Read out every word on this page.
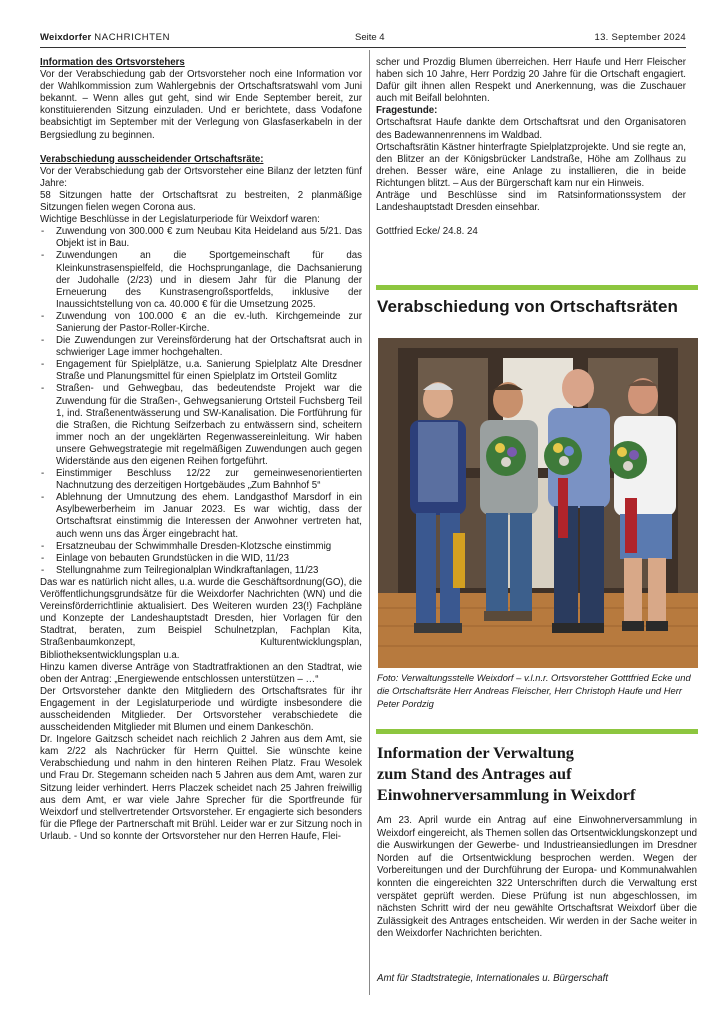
Weixdorfer NACHRICHTEN	Seite 4	13. September 2024

Information des Ortsvorstehers

Vor der Verabschiedung gab der Ortsvorsteher noch eine Information vor der Wahlkommission zum Wahlergebnis der Ortschaftsratswahl vom Juni bekannt. – Wenn alles gut geht, sind wir Ende September bereit, zur konstituierenden Sitzung einzuladen. Und er berichtete, dass Vodafone beabsichtigt im September mit der Verlegung von Glasfaserkabeln in der Bergsiedlung zu beginnen.

Verabschiedung ausscheidender Ortschaftsräte:

Vor der Verabschiedung gab der Ortsvorsteher eine Bilanz der letzten fünf Jahre:

58 Sitzungen hatte der Ortschaftsrat zu bestreiten, 2 planmäßige Sitzungen fielen wegen Corona aus.

Wichtige Beschlüsse in der Legislaturperiode für Weixdorf waren:

- Zuwendung von 300.000 € zum Neubau Kita Heideland aus 5/21. Das Objekt ist in Bau.
- Zuwendungen an die Sportgemeinschaft für das Kleinkunstrasenspielfeld, die Hochsprunganlage, die Dachsanierung der Judohalle (2/23) und in diesem Jahr für die Planung der Erneuerung des Kunstrasengroßsportfelds, inklusive der Inaussichtstellung von ca. 40.000 € für die Umsetzung 2025.
- Zuwendung von 100.000 € an die ev.-luth. Kirchgemeinde zur Sanierung der Pastor-Roller-Kirche.
- Die Zuwendungen zur Vereinsförderung hat der Ortschaftsrat auch in schwieriger Lage immer hochgehalten.
- Engagement für Spielplätze, u.a. Sanierung Spielplatz Alte Dresdner Straße und Planungsmittel für einen Spielplatz im Ortsteil Gomlitz
- Straßen- und Gehwegbau, das bedeutendste Projekt war die Zuwendung für die Straßen-, Gehwegsanierung Ortsteil Fuchsberg Teil 1, ind. Straßenentwässerung und SW-Kanalisation. Die Fortführung für die Straßen, die Richtung Seifzerbach zu entwässern sind, scheitern immer noch an der ungeklärten Regenwassereinleitung. Wir haben unsere Gehwegstrategie mit regelmäßigen Zuwendungen auch gegen Widerstände aus den eigenen Reihen fortgeführt.
- Einstimmiger Beschluss 12/22 zur gemeinwesenorientierten Nachnutzung des derzeitigen Hortgebäudes „Zum Bahnhof 5“
- Ablehnung der Umnutzung des ehem. Landgasthof Marsdorf in ein Asylbewerberheim im Januar 2023. Es war wichtig, dass der Ortschaftsrat einstimmig die Interessen der Anwohner vertreten hat, auch wenn uns das Ärger eingebracht hat.
- Ersatzneubau der Schwimmhalle Dresden-Klotzsche einstimmig
- Einlage von bebauten Grundstücken in die WID, 11/23
- Stellungnahme zum Teilregionalplan Windkraftanlagen, 11/23

Das war es natürlich nicht alles, u.a. wurde die Geschäftsordnung(GO), die Veröffentlichungsgrundsätze für die Weixdorfer Nachrichten (WN) und die Vereinsförderrichtlinie aktualisiert. Des Weiteren wurden 23(!) Fachpläne und Konzepte der Landeshauptstadt Dresden, hier Vorlagen für den Stadtrat, beraten, zum Beispiel Schulnetzplan, Fachplan Kita, Straßenbaumkonzept, Kulturentwicklungsplan, Bibliotheksentwicklungsplan u.a.

Hinzu kamen diverse Anträge von Stadtratfraktionen an den Stadtrat, wie oben der Antrag: „Energiewende entschlossen unterstützen – …“

Der Ortsvorsteher dankte den Mitgliedern des Ortschaftsrates für ihr Engagement in der Legislaturperiode und würdigte insbesondere die ausscheidenden Mitglieder. Der Ortsvorsteher verabschiedete die ausscheidenden Mitglieder mit Blumen und einem Dankeschön.

Dr. Ingelore Gaitzsch scheidet nach reichlich 2 Jahren aus dem Amt, sie kam 2/22 als Nachrücker für Herrn Quittel. Sie wünschte keine Verabschiedung und nahm in den hinteren Reihen Platz. Frau Wesolek und Frau Dr. Stegemann scheiden nach 5 Jahren aus dem Amt, waren zur Sitzung leider verhindert. Herrs Placzek scheidet nach 25 Jahren freiwillig aus dem Amt, er war viele Jahre Sprecher für die Sportfreunde für Weixdorf und stellvertretender Ortsvorsteher. Er engagierte sich besonders für die Pflege der Partnerschaft mit Brühl. Leider war er zur Sitzung noch in Urlaub. - Und so konnte der Ortsvorsteher nur den Herren Haufe, Flei-

scher und Prozdig Blumen überreichen. Herr Haufe und Herr Fleischer haben sich 10 Jahre, Herr Pordzig 20 Jahre für die Ortschaft engagiert. Dafür gilt ihnen allen Respekt und Anerkennung, was die Zuschauer auch mit Beifall belohnten.

Fragestunde:

Ortschaftsrat Haufe dankte dem Ortschaftsrat und den Organisatoren des Badewannenrennens im Waldbad.

Ortschaftsrätin Kästner hinterfragte Spielplatzprojekte. Und sie regte an, den Blitzer an der Königsbrücker Landstraße, Höhe am Zollhaus zu drehen. Besser wäre, eine Anlage zu installieren, die in beide Richtungen blitzt. – Aus der Bürgerschaft kam nur ein Hinweis.

Anträge und Beschlüsse sind im Ratsinformationssystem der Landeshauptstadt Dresden einsehbar.

Gottfried Ecke/ 24.8. 24

Verabschiedung von Ortschaftsräten
Foto: Verwaltungsstelle Weixdorf – v.l.n.r. Ortsvorsteher Gotttfried Ecke und die Ortschaftsräte Herr Andreas Fleischer, Herr Christoph Haufe und Herr Peter Pordzig
Information der Verwaltung
zum Stand des Antrages auf
Einwohnerversammlung in Weixdorf

Am 23. April wurde ein Antrag auf eine Einwohnerversammlung in Weixdorf eingereicht, als Themen sollen das Ortsentwicklungskonzept und die Auswirkungen der Gewerbe- und Industrieansiedlungen im Dresdner Norden auf die Ortsentwicklung besprochen werden. Wegen der Vorbereitungen und der Durchführung der Europa- und Kommunalwahlen konnten die eingereichten 322 Unterschriften durch die Verwaltung erst verspätet geprüft werden. Diese Prüfung ist nun abgeschlossen, im nächsten Schritt wird der neu gewählte Ortschaftsrat Weixdorf über die Zulässigkeit des Antrages entscheiden. Wir werden in der Sache weiter in den Weixdorfer Nachrichten berichten.

Amt für Stadtstrategie, Internationales u. Bürgerschaft
